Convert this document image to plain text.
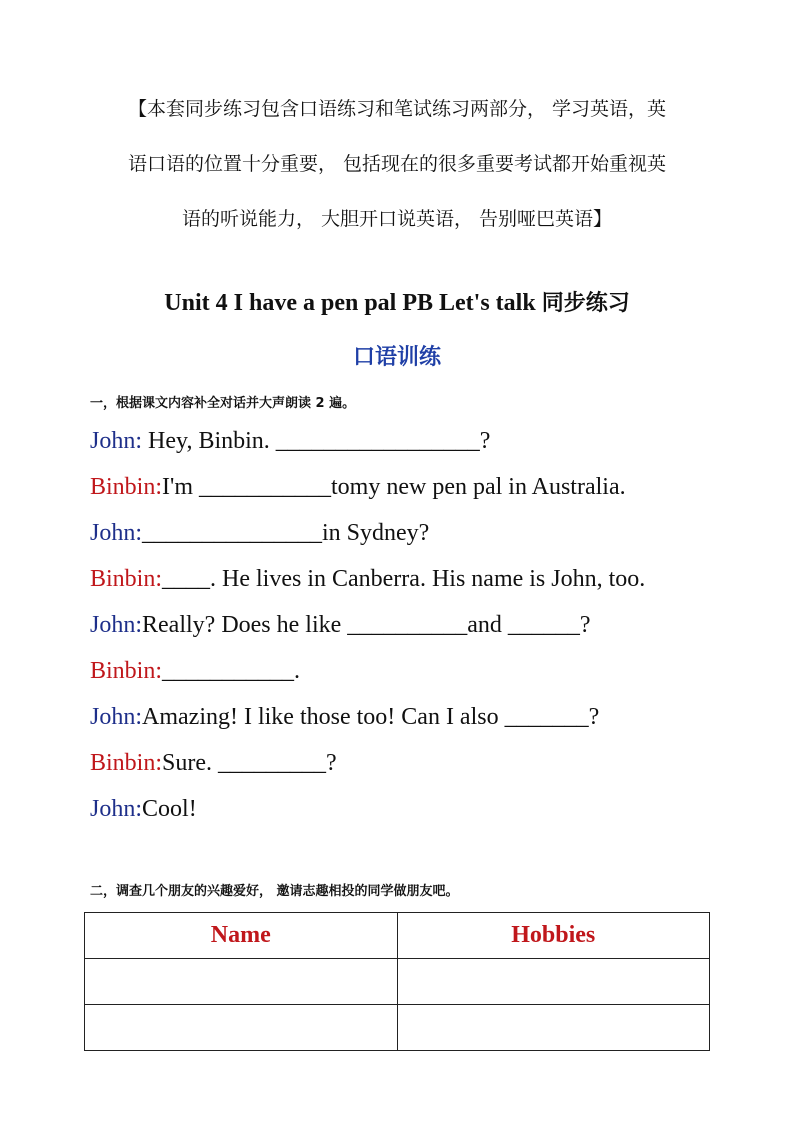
【本套同步练习包含口语练习和笔试练习两部分， 学习英语，英
语口语的位置十分重要， 包括现在的很多重要考试都开始重视英
语的听说能力， 大胆开口说英语， 告别哑巴英语】

Unit 4 I have a pen pal PB Let's talk 同步练习
口语训练

一，根据课文内容补全对话并大声朗读 2 遍。

John: Hey, Binbin. _________________?
Binbin:I'm ___________tomy new pen pal in Australia.
John:_______________in Sydney?
Binbin:____. He lives in Canberra. His name is John, too.
John:Really? Does he like __________and ______?
Binbin:___________.
John:Amazing! I like those too! Can I also _______?
Binbin:Sure. _________?
John:Cool!

二，调查几个朋友的兴趣爱好， 邀请志趣相投的同学做朋友吧。

Name	Hobbies
